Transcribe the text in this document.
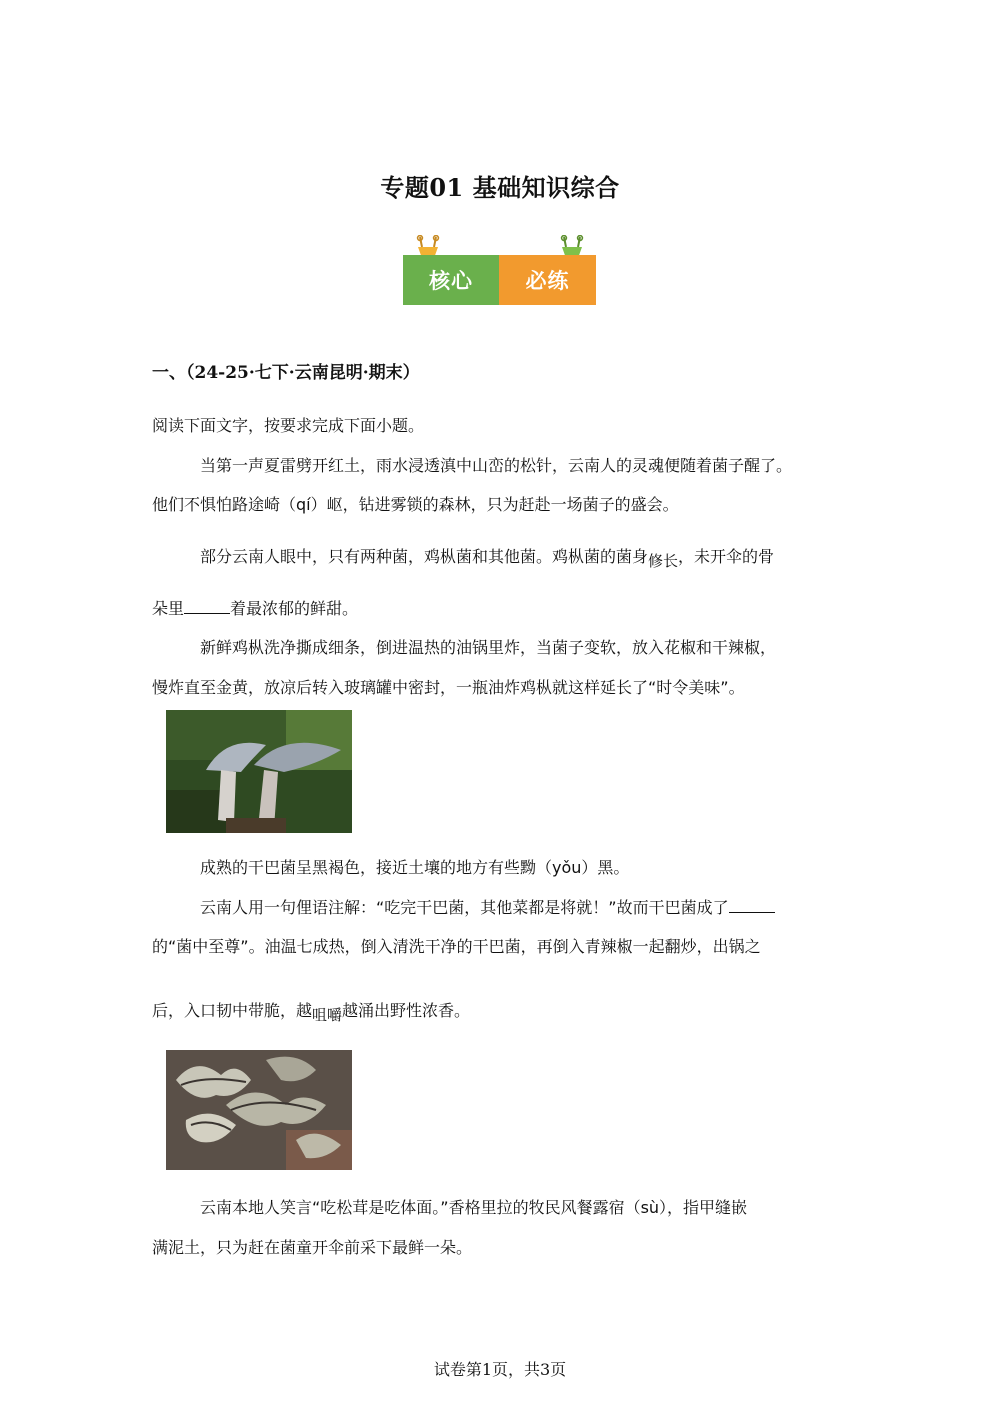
专题01 基础知识综合
核心	必练
一、（24-25·七下·云南昆明·期末）
阅读下面文字，按要求完成下面小题。
当第一声夏雷劈开红土，雨水浸透滇中山峦的松针，云南人的灵魂便随着菌子醒了。
他们不惧怕路途崎（qí）岖，钻进雾锁的森林，只为赶赴一场菌子的盛会。
部分云南人眼中，只有两种菌，鸡枞菌和其他菌。鸡枞菌的菌身修长，未开伞的骨
朵里	着最浓郁的鲜甜。
新鲜鸡枞洗净撕成细条，倒进温热的油锅里炸，当菌子变软，放入花椒和干辣椒，
慢炸直至金黄，放凉后转入玻璃罐中密封，一瓶油炸鸡枞就这样延长了“时令美味”。
成熟的干巴菌呈黑褐色，接近土壤的地方有些黝（yǒu）黑。
云南人用一句俚语注解：“吃完干巴菌，其他菜都是将就！”故而干巴菌成了
的“菌中至尊”。油温七成热，倒入清洗干净的干巴菌，再倒入青辣椒一起翻炒，出锅之
后，入口韧中带脆，越咀嚼越涌出野性浓香。
云南本地人笑言“吃松茸是吃体面。”香格里拉的牧民风餐露宿（sù），指甲缝嵌
满泥土，只为赶在菌童开伞前采下最鲜一朵。
试卷第1页，共3页
